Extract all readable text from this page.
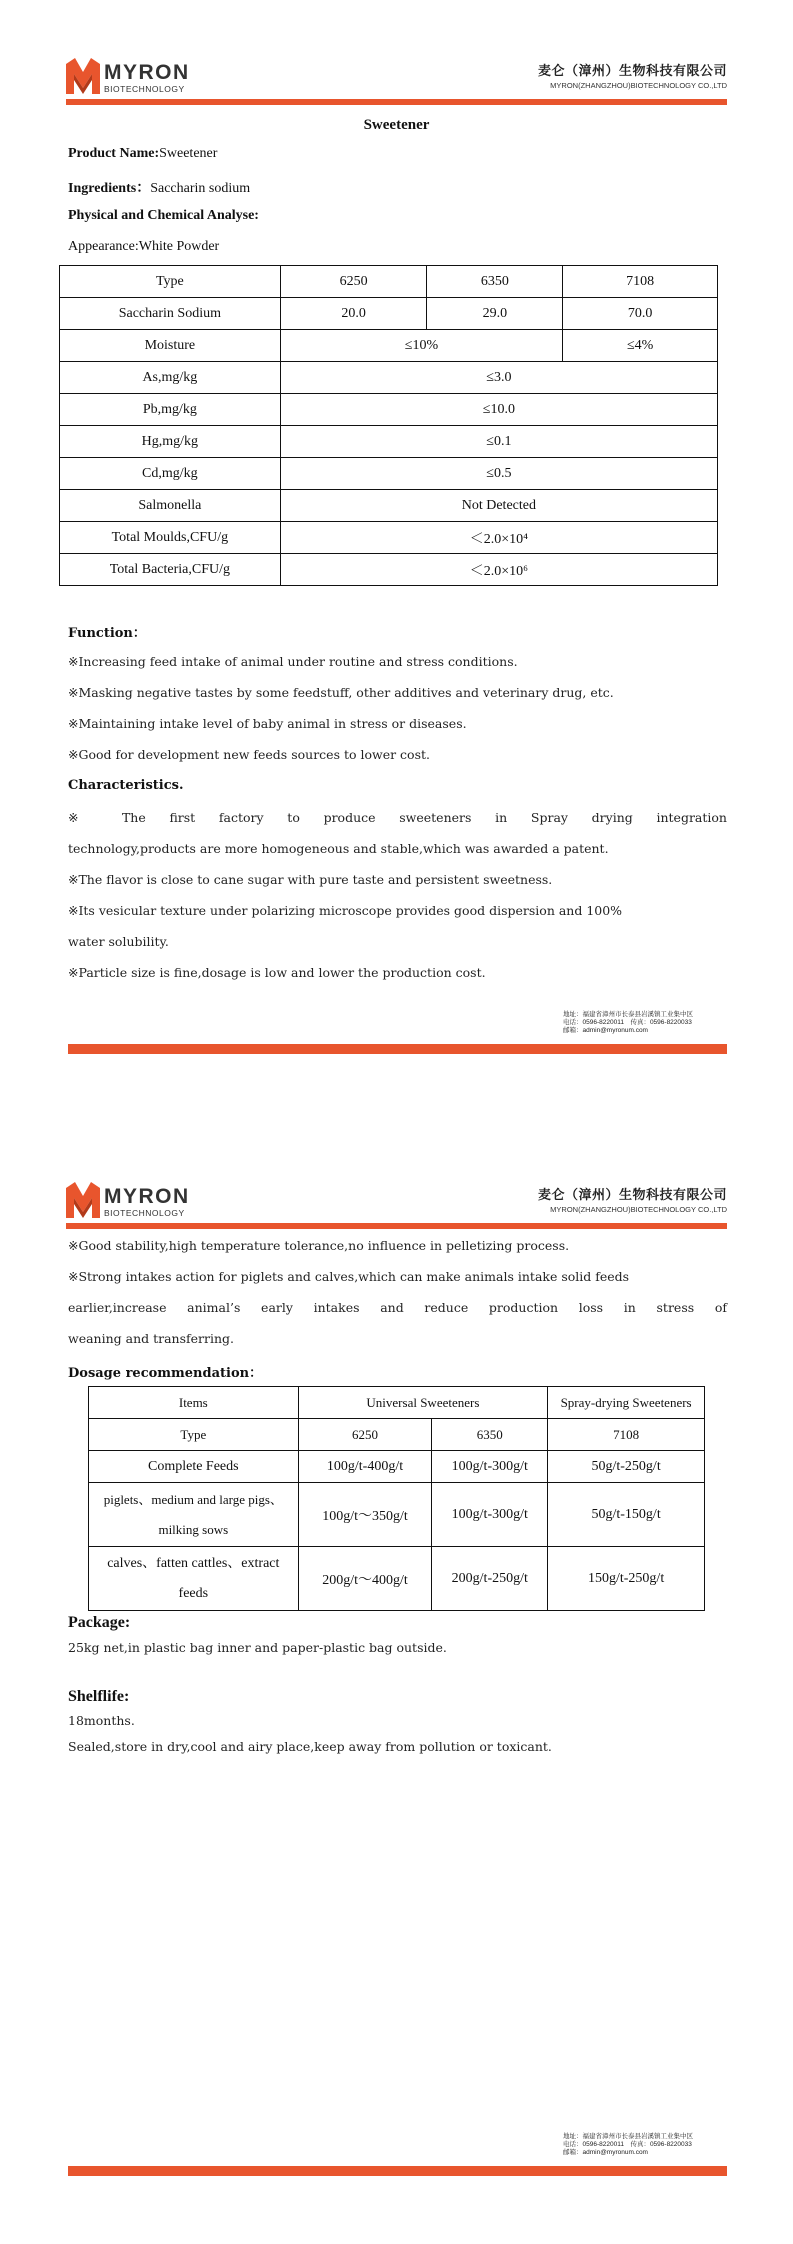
MYRON
BIOTECHNOLOGY
麦仑（漳州）生物科技有限公司
MYRON(ZHANGZHOU)BIOTECHNOLOGY CO.,LTD
Sweetener
Product Name:Sweetener
Ingredients：Saccharin sodium
Physical and Chemical Analyse:
Appearance:White Powder
Type	6250	6350	7108
Saccharin Sodium	20.0	29.0	70.0
Moisture	≤10%		≤4%
As,mg/kg	≤3.0		
Pb,mg/kg	≤10.0		
Hg,mg/kg	≤0.1		
Cd,mg/kg	≤0.5		
Salmonella	Not Detected		
Total Moulds,CFU/g	＜2.0×10⁴		
Total Bacteria,CFU/g	＜2.0×10⁶		
Function：
※Increasing feed intake of animal under routine and stress conditions.
※Masking negative tastes by some feedstuff, other additives and veterinary drug, etc.
※Maintaining intake level of baby animal in stress or diseases.
※Good for development new feeds sources to lower cost.
Characteristics.
※ The first factory to produce sweeteners in Spray drying integration
technology,products are more homogeneous and stable,which was awarded a patent.
※The flavor is close to cane sugar with pure taste and persistent sweetness.
※Its vesicular texture under polarizing microscope provides good dispersion and 100%
water solubility.
※Particle size is fine,dosage is low and lower the production cost.
地址：福建省漳州市长泰县岩溪镇工业集中区
电话：0596-8220011　传真：0596-8220033
邮箱：admin@myronum.com
MYRON
BIOTECHNOLOGY
麦仑（漳州）生物科技有限公司
MYRON(ZHANGZHOU)BIOTECHNOLOGY CO.,LTD
※Good stability,high temperature tolerance,no influence in pelletizing process.
※Strong intakes action for piglets and calves,which can make animals intake solid feeds
earlier,increase animal’s early intakes and reduce production loss in stress of
weaning and transferring.
Dosage recommendation：
Items	Universal Sweeteners		Spray-drying Sweeteners
Type	6250	6350	7108
Complete Feeds	100g/t-400g/t	100g/t-300g/t	50g/t-250g/t

piglets、medium and large pigs、
milking sows	100g/t～350g/t	100g/t-300g/t	50g/t-150g/t

calves、fatten cattles、extract
feeds	200g/t～400g/t	200g/t-250g/t	150g/t-250g/t
Package:
25kg net,in plastic bag inner and paper-plastic bag outside.
Shelflife:
18months.
Sealed,store in dry,cool and airy place,keep away from pollution or toxicant.
地址：福建省漳州市长泰县岩溪镇工业集中区
电话：0596-8220011　传真：0596-8220033
邮箱：admin@myronum.com
